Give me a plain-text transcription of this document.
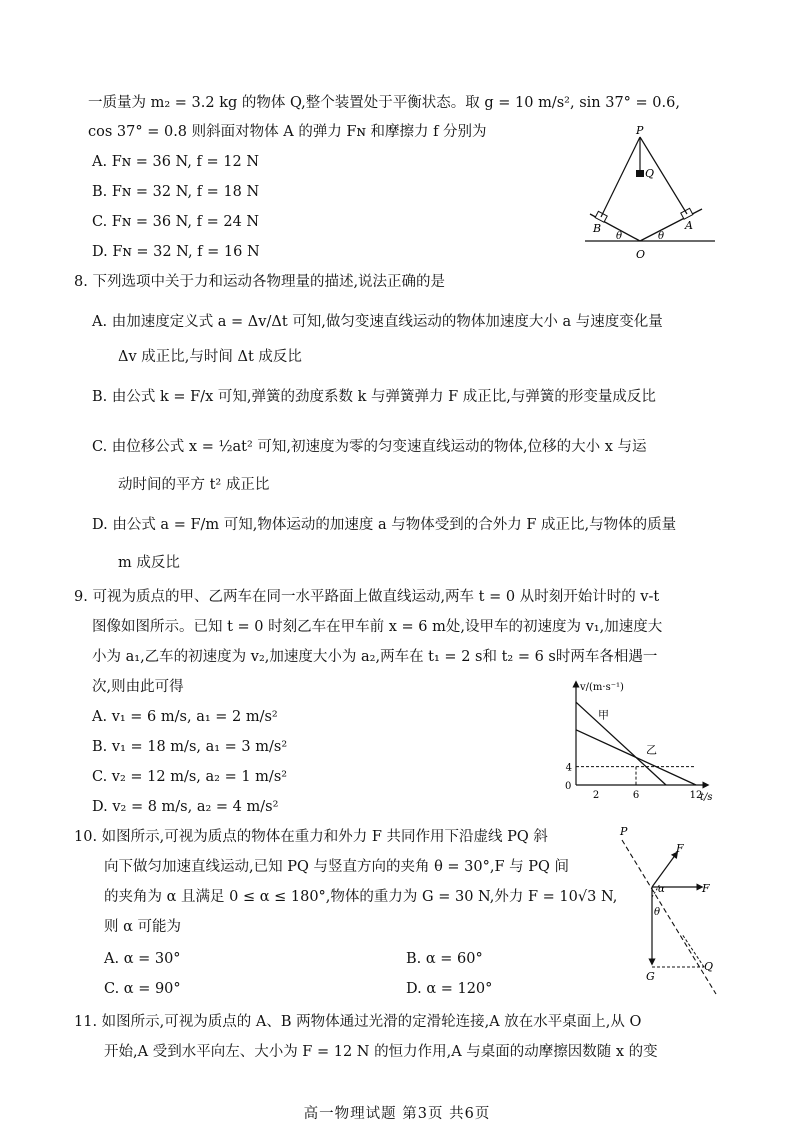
一质量为 m₂ = 3.2 kg 的物体 Q,整个装置处于平衡状态。取 g = 10 m/s², sin 37° = 0.6,
cos 37° = 0.8 则斜面对物体 A 的弹力 Fɴ 和摩擦力 f 分别为
A. Fɴ = 36 N, f = 12 N
B. Fɴ = 32 N, f = 18 N
C. Fɴ = 36 N, f = 24 N
D. Fɴ = 32 N, f = 16 N
P
Q
B	A
θ	θ
O
8. 下列选项中关于力和运动各物理量的描述,说法正确的是
A. 由加速度定义式 a = Δv/Δt 可知,做匀变速直线运动的物体加速度大小 a 与速度变化量
Δv 成正比,与时间 Δt 成反比
B. 由公式 k = F/x 可知,弹簧的劲度系数 k 与弹簧弹力 F 成正比,与弹簧的形变量成反比
C. 由位移公式 x = ½at² 可知,初速度为零的匀变速直线运动的物体,位移的大小 x 与运
动时间的平方 t² 成正比
D. 由公式 a = F/m 可知,物体运动的加速度 a 与物体受到的合外力 F 成正比,与物体的质量
m 成反比
9. 可视为质点的甲、乙两车在同一水平路面上做直线运动,两车 t = 0 从时刻开始计时的 v-t
图像如图所示。已知 t = 0 时刻乙车在甲车前 x = 6 m处,设甲车的初速度为 v₁,加速度大
小为 a₁,乙车的初速度为 v₂,加速度大小为 a₂,两车在 t₁ = 2 s和 t₂ = 6 s时两车各相遇一
次,则由此可得
A. v₁ = 6 m/s, a₁ = 2 m/s²
B. v₁ = 18 m/s, a₁ = 3 m/s²
C. v₂ = 12 m/s, a₂ = 1 m/s²
D. v₂ = 8 m/s, a₂ = 4 m/s²
v/(m·s⁻¹)
t/s
0
2	6	12
4
甲
乙
10. 如图所示,可视为质点的物体在重力和外力 F 共同作用下沿虚线 PQ 斜
向下做匀加速直线运动,已知 PQ 与竖直方向的夹角 θ = 30°,F 与 PQ 间
的夹角为 α 且满足 0 ≤ α ≤ 180°,物体的重力为 G = 30 N,外力 F = 10√3 N,
则 α 可能为
A. α = 30°	B. α = 60°
C. α = 90°	D. α = 120°
P
F
F
α
θ
G
Q
11. 如图所示,可视为质点的 A、B 两物体通过光滑的定滑轮连接,A 放在水平桌面上,从 O
开始,A 受到水平向左、大小为 F = 12 N 的恒力作用,A 与桌面的动摩擦因数随 x 的变
高一物理试题 第3页 共6页
